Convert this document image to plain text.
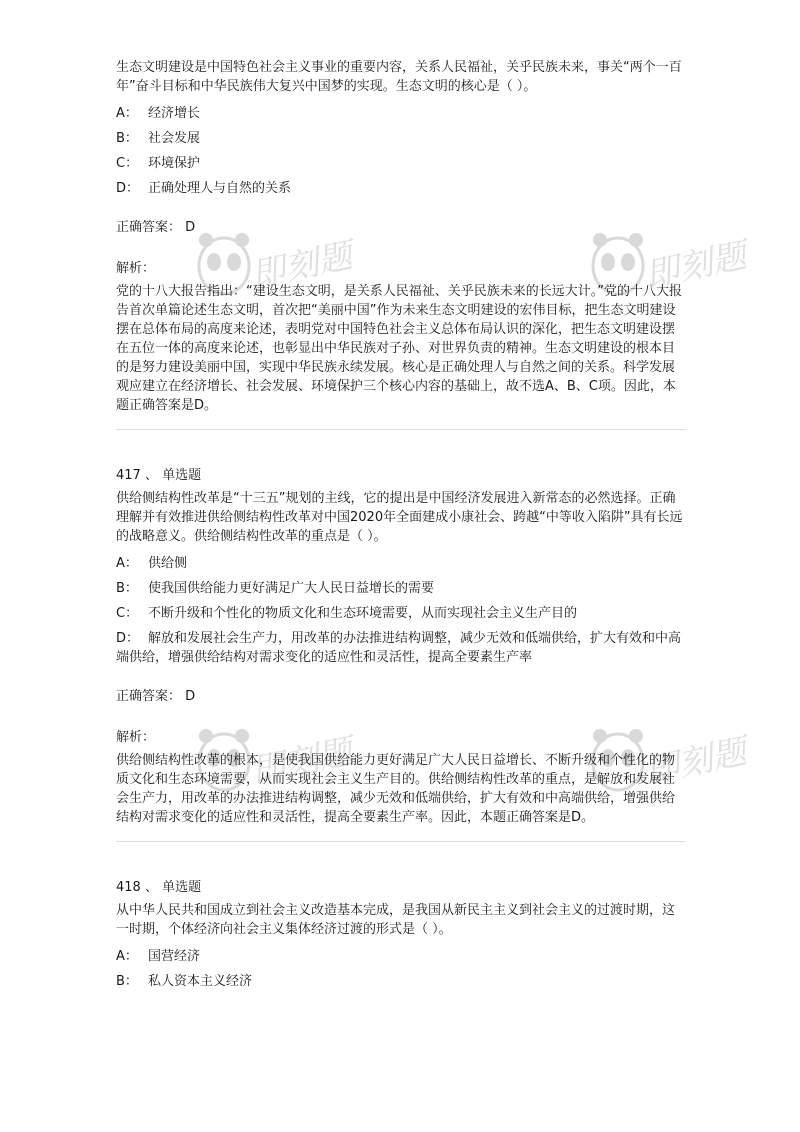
即刻题	即刻题
即刻题	即刻题

生态文明建设是中国特色社会主义事业的重要内容，关系人民福祉，关乎民族未来，事关“两个一百年”奋斗目标和中华民族伟大复兴中国梦的实现。生态文明的核心是（ ）。

A： 经济增长
B： 社会发展
C： 环境保护
D： 正确处理人与自然的关系
正确答案： D
解析：

党的十八大报告指出：“建设生态文明，是关系人民福祉、关乎民族未来的长远大计。”党的十八大报告首次单篇论述生态文明，首次把“美丽中国”作为未来生态文明建设的宏伟目标，把生态文明建设摆在总体布局的高度来论述，表明党对中国特色社会主义总体布局认识的深化，把生态文明建设摆在五位一体的高度来论述，也彰显出中华民族对子孙、对世界负责的精神。生态文明建设的根本目的是努力建设美丽中国，实现中华民族永续发展。核心是正确处理人与自然之间的关系。科学发展观应建立在经济增长、社会发展、环境保护三个核心内容的基础上，故不选A、B、C项。因此，本题正确答案是D。

417 、 单选题

供给侧结构性改革是“十三五”规划的主线，它的提出是中国经济发展进入新常态的必然选择。正确理解并有效推进供给侧结构性改革对中国2020年全面建成小康社会、跨越“中等收入陷阱”具有长远的战略意义。供给侧结构性改革的重点是（ ）。

A： 供给侧
B： 使我国供给能力更好满足广大人民日益增长的需要
C： 不断升级和个性化的物质文化和生态环境需要，从而实现社会主义生产目的
D： 解放和发展社会生产力，用改革的办法推进结构调整，减少无效和低端供给，扩大有效和中高端供给，增强供给结构对需求变化的适应性和灵活性，提高全要素生产率
正确答案： D
解析：

供给侧结构性改革的根本，是使我国供给能力更好满足广大人民日益增长、不断升级和个性化的物质文化和生态环境需要，从而实现社会主义生产目的。供给侧结构性改革的重点，是解放和发展社会生产力，用改革的办法推进结构调整，减少无效和低端供给，扩大有效和中高端供给，增强供给结构对需求变化的适应性和灵活性，提高全要素生产率。因此，本题正确答案是D。

418 、 单选题

从中华人民共和国成立到社会主义改造基本完成，是我国从新民主主义到社会主义的过渡时期，这一时期，个体经济向社会主义集体经济过渡的形式是（ ）。

A： 国营经济
B： 私人资本主义经济
